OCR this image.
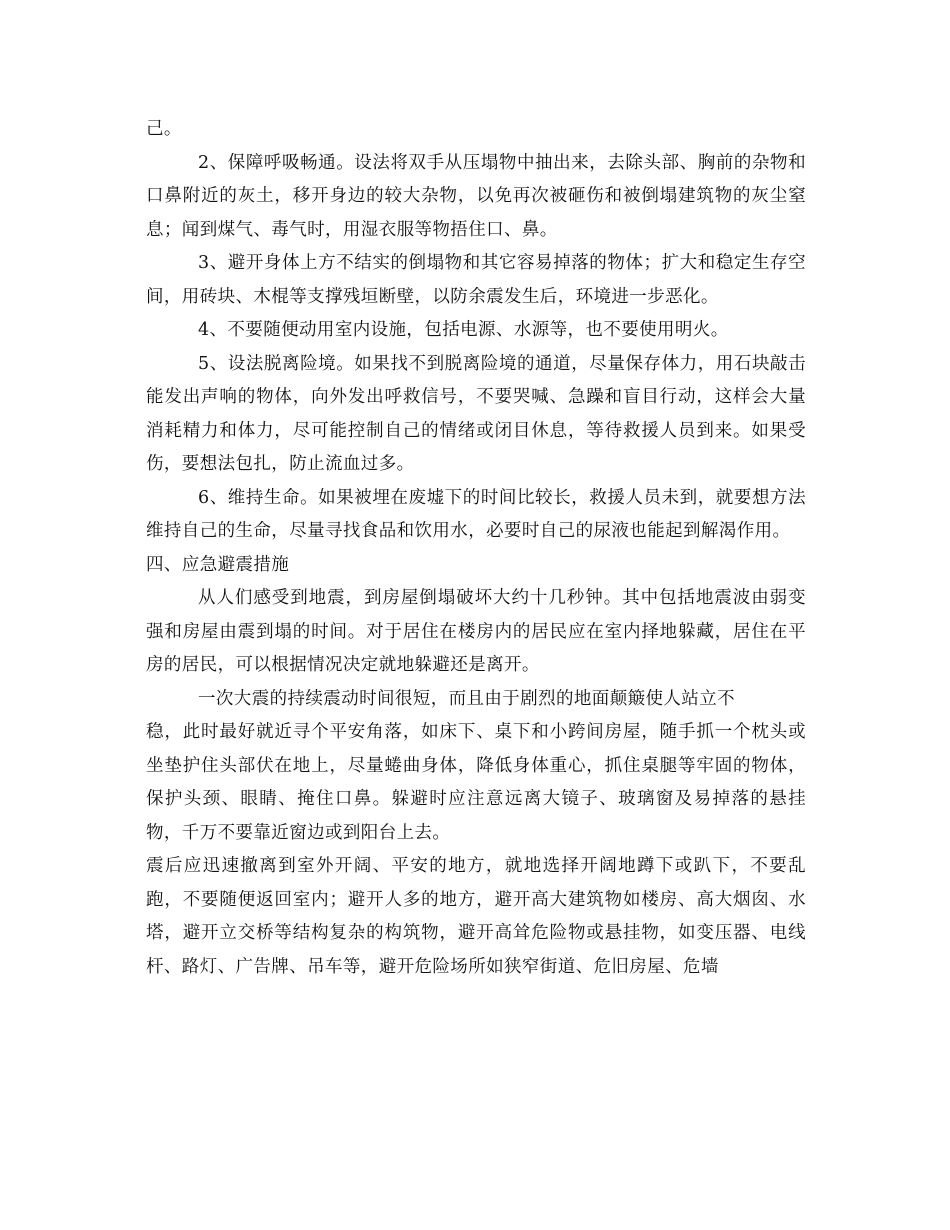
己。

2、保障呼吸畅通。设法将双手从压塌物中抽出来，去除头部、胸前的杂物和口鼻附近的灰土，移开身边的较大杂物，以免再次被砸伤和被倒塌建筑物的灰尘窒息；闻到煤气、毒气时，用湿衣服等物捂住口、鼻。

3、避开身体上方不结实的倒塌物和其它容易掉落的物体；扩大和稳定生存空间，用砖块、木棍等支撑残垣断壁，以防余震发生后，环境进一步恶化。

4、不要随便动用室内设施，包括电源、水源等，也不要使用明火。

5、设法脱离险境。如果找不到脱离险境的通道，尽量保存体力，用石块敲击能发出声响的物体，向外发出呼救信号，不要哭喊、急躁和盲目行动，这样会大量消耗精力和体力，尽可能控制自己的情绪或闭目休息，等待救援人员到来。如果受伤，要想法包扎，防止流血过多。

6、维持生命。如果被埋在废墟下的时间比较长，救援人员未到，就要想方法维持自己的生命，尽量寻找食品和饮用水，必要时自己的尿液也能起到解渴作用。

四、应急避震措施

从人们感受到地震，到房屋倒塌破坏大约十几秒钟。其中包括地震波由弱变强和房屋由震到塌的时间。对于居住在楼房内的居民应在室内择地躲藏，居住在平房的居民，可以根据情况决定就地躲避还是离开。

一次大震的持续震动时间很短，而且由于剧烈的地面颠簸使人站立不

稳，此时最好就近寻个平安角落，如床下、桌下和小跨间房屋，随手抓一个枕头或坐垫护住头部伏在地上，尽量蜷曲身体，降低身体重心，抓住桌腿等牢固的物体，保护头颈、眼睛、掩住口鼻。躲避时应注意远离大镜子、玻璃窗及易掉落的悬挂物，千万不要靠近窗边或到阳台上去。

震后应迅速撤离到室外开阔、平安的地方，就地选择开阔地蹲下或趴下，不要乱跑，不要随便返回室内；避开人多的地方，避开高大建筑物如楼房、高大烟囱、水塔，避开立交桥等结构复杂的构筑物，避开高耸危险物或悬挂物，如变压器、电线杆、路灯、广告牌、吊车等，避开危险场所如狭窄街道、危旧房屋、危墙
